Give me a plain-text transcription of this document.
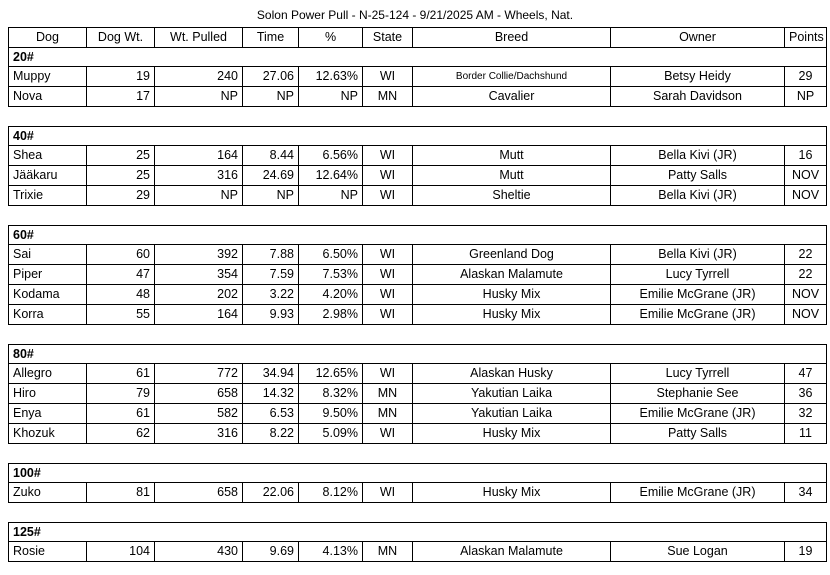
Solon Power Pull - N-25-124 - 9/21/2025 AM - Wheels, Nat.
Dog	Dog Wt.	Wt. Pulled	Time	%	State	Breed	Owner	Points
20#								
Muppy	19	240	27.06	12.63%	WI	Border Collie/Dachshund	Betsy Heidy	29
Nova	17	NP	NP	NP	MN	Cavalier	Sarah Davidson	NP

40#								
Shea	25	164	8.44	6.56%	WI	Mutt	Bella Kivi (JR)	16
Jääkaru	25	316	24.69	12.64%	WI	Mutt	Patty Salls	NOV
Trixie	29	NP	NP	NP	WI	Sheltie	Bella Kivi (JR)	NOV

60#								
Sai	60	392	7.88	6.50%	WI	Greenland Dog	Bella Kivi (JR)	22
Piper	47	354	7.59	7.53%	WI	Alaskan Malamute	Lucy Tyrrell	22
Kodama	48	202	3.22	4.20%	WI	Husky Mix	Emilie McGrane (JR)	NOV
Korra	55	164	9.93	2.98%	WI	Husky Mix	Emilie McGrane (JR)	NOV

80#								
Allegro	61	772	34.94	12.65%	WI	Alaskan Husky	Lucy Tyrrell	47
Hiro	79	658	14.32	8.32%	MN	Yakutian Laika	Stephanie See	36
Enya	61	582	6.53	9.50%	MN	Yakutian Laika	Emilie McGrane (JR)	32
Khozuk	62	316	8.22	5.09%	WI	Husky Mix	Patty Salls	11

100#								
Zuko	81	658	22.06	8.12%	WI	Husky Mix	Emilie McGrane (JR)	34

125#								
Rosie	104	430	9.69	4.13%	MN	Alaskan Malamute	Sue Logan	19
